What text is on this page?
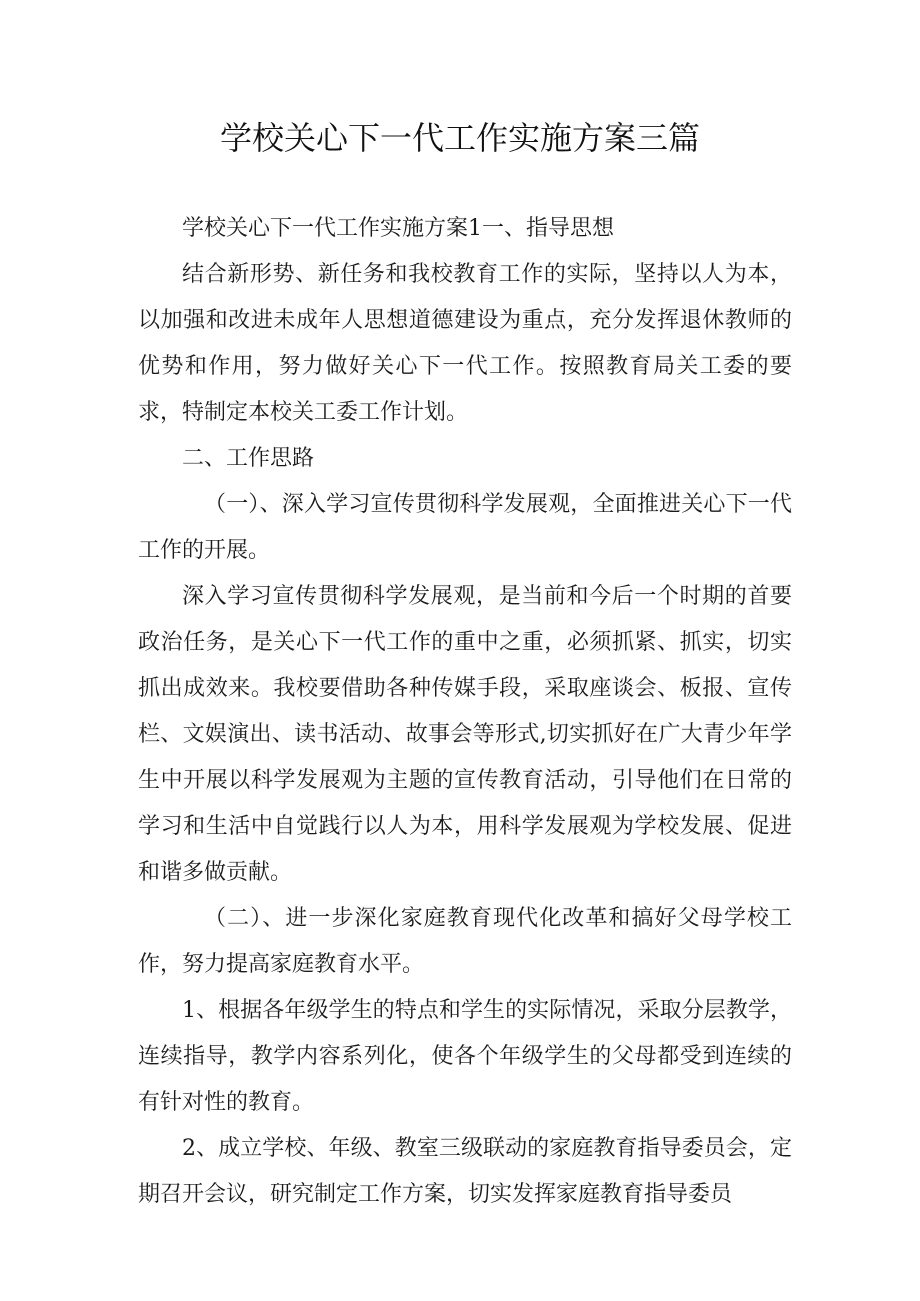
学校关心下一代工作实施方案三篇

学校关心下一代工作实施方案1一、指导思想

结合新形势、新任务和我校教育工作的实际，坚持以人为本，以加强和改进未成年人思想道德建设为重点，充分发挥退休教师的优势和作用，努力做好关心下一代工作。按照教育局关工委的要求，特制定本校关工委工作计划。

二、工作思路

（一）、深入学习宣传贯彻科学发展观，全面推进关心下一代工作的开展。

深入学习宣传贯彻科学发展观，是当前和今后一个时期的首要政治任务，是关心下一代工作的重中之重，必须抓紧、抓实，切实抓出成效来。我校要借助各种传媒手段，采取座谈会、板报、宣传栏、文娱演出、读书活动、故事会等形式,切实抓好在广大青少年学生中开展以科学发展观为主题的宣传教育活动，引导他们在日常的学习和生活中自觉践行以人为本，用科学发展观为学校发展、促进和谐多做贡献。

（二）、进一步深化家庭教育现代化改革和搞好父母学校工作，努力提高家庭教育水平。

1、根据各年级学生的特点和学生的实际情况，采取分层教学，连续指导，教学内容系列化，使各个年级学生的父母都受到连续的有针对性的教育。

2、成立学校、年级、教室三级联动的家庭教育指导委员会，定期召开会议，研究制定工作方案，切实发挥家庭教育指导委员
